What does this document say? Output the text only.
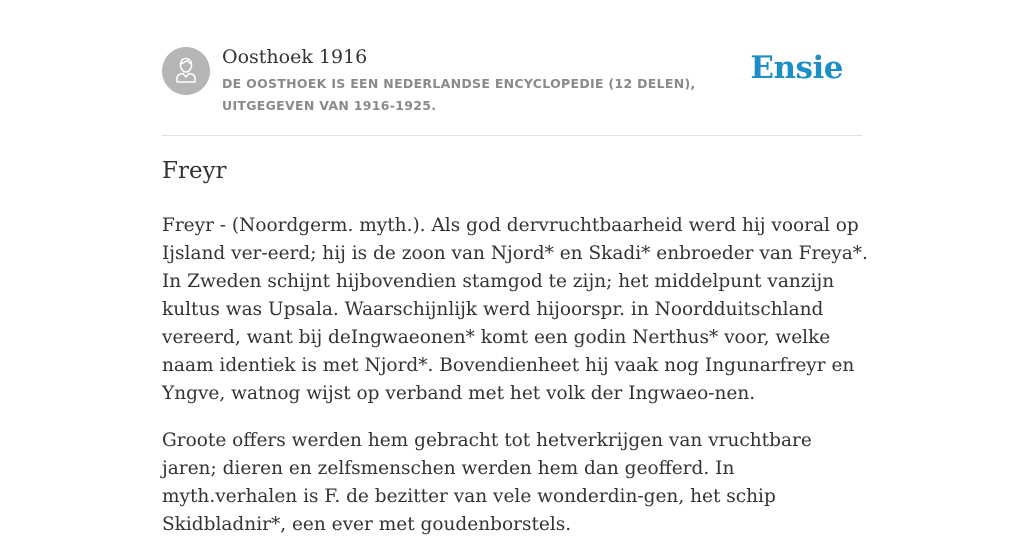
Oosthoek 1916
DE OOSTHOEK IS EEN NEDERLANDSE ENCYCLOPEDIE (12 DELEN), UITGEGEVEN VAN 1916-1925.
Ensie
Freyr

Freyr - (Noordgerm. myth.). Als god dervruchtbaarheid werd hij vooral op Ijsland ver-eerd; hij is de zoon van Njord* en Skadi* enbroeder van Freya*. In Zweden schijnt hijbovendien stamgod te zijn; het middelpunt vanzijn kultus was Upsala. Waarschijnlijk werd hijoorspr. in Noordduitschland vereerd, want bij deIngwaeonen* komt een godin Nerthus* voor, welke naam identiek is met Njord*. Bovendienheet hij vaak nog Ingunarfreyr en Yngve, watnog wijst op verband met het volk der Ingwaeo-nen.

Groote offers werden hem gebracht tot hetverkrijgen van vruchtbare jaren; dieren en zelfsmenschen werden hem dan geofferd. In myth.verhalen is F. de bezitter van vele wonderdin-gen, het schip Skidbladnir*, een ever met goudenborstels.
